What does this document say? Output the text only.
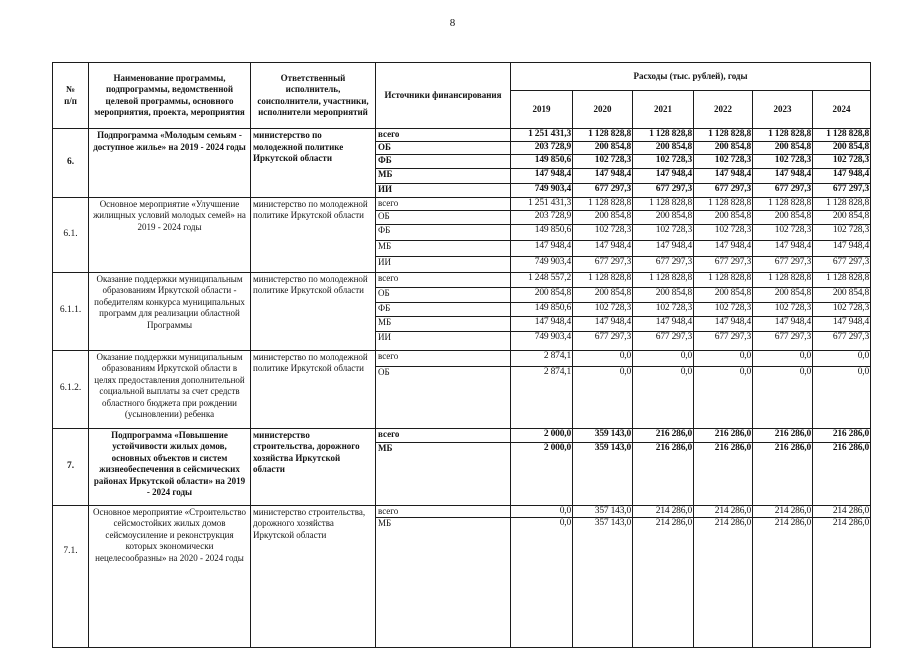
8
№ п/п	Наименование программы, подпрограммы, ведомственной целевой программы, основного мероприятия, проекта, мероприятия	Ответственный исполнитель, соисполнители, участники, исполнители мероприятий	Источники финансирования	Расходы (тыс. рублей), годы					
				2019	2020	2021	2022	2023	2024
6.	Подпрограмма «Молодым семьям - доступное жилье» на 2019 - 2024 годы	министерство по молодежной политике Иркутской области	всего	1 251 431,3	1 128 828,8	1 128 828,8	1 128 828,8	1 128 828,8	1 128 828,8
			ОБ	203 728,9	200 854,8	200 854,8	200 854,8	200 854,8	200 854,8
			ФБ	149 850,6	102 728,3	102 728,3	102 728,3	102 728,3	102 728,3
			МБ	147 948,4	147 948,4	147 948,4	147 948,4	147 948,4	147 948,4
			ИИ	749 903,4	677 297,3	677 297,3	677 297,3	677 297,3	677 297,3
6.1.	Основное мероприятие «Улучшение жилищных условий молодых семей» на 2019 - 2024 годы	министерство по молодежной политике Иркутской области	всего	1 251 431,3	1 128 828,8	1 128 828,8	1 128 828,8	1 128 828,8	1 128 828,8
			ОБ	203 728,9	200 854,8	200 854,8	200 854,8	200 854,8	200 854,8
			ФБ	149 850,6	102 728,3	102 728,3	102 728,3	102 728,3	102 728,3
			МБ	147 948,4	147 948,4	147 948,4	147 948,4	147 948,4	147 948,4
			ИИ	749 903,4	677 297,3	677 297,3	677 297,3	677 297,3	677 297,3
6.1.1.	Оказание поддержки муниципальным образованиям Иркутской области - победителям конкурса муниципальных программ для реализации областной Программы	министерство по молодежной политике Иркутской области	всего	1 248 557,2	1 128 828,8	1 128 828,8	1 128 828,8	1 128 828,8	1 128 828,8
			ОБ	200 854,8	200 854,8	200 854,8	200 854,8	200 854,8	200 854,8
			ФБ	149 850,6	102 728,3	102 728,3	102 728,3	102 728,3	102 728,3
			МБ	147 948,4	147 948,4	147 948,4	147 948,4	147 948,4	147 948,4
			ИИ	749 903,4	677 297,3	677 297,3	677 297,3	677 297,3	677 297,3
6.1.2.	Оказание поддержки муниципальным образованиям Иркутской области в целях предоставления дополнительной социальной выплаты за счет средств областного бюджета при рождении (усыновлении) ребенка	министерство по молодежной политике Иркутской области	всего	2 874,1	0,0	0,0	0,0	0,0	0,0
			ОБ	2 874,1	0,0	0,0	0,0	0,0	0,0
7.	Подпрограмма «Повышение устойчивости жилых домов, основных объектов и систем жизнеобеспечения в сейсмических районах Иркутской области» на 2019 - 2024 годы	министерство строительства, дорожного хозяйства Иркутской области	всего	2 000,0	359 143,0	216 286,0	216 286,0	216 286,0	216 286,0
			МБ	2 000,0	359 143,0	216 286,0	216 286,0	216 286,0	216 286,0
7.1.	Основное мероприятие «Строительство сейсмостойких жилых домов сейсмоусиление и реконструкция которых экономически нецелесообразны» на 2020 - 2024 годы	министерство строительства, дорожного хозяйства Иркутской области	всего	0,0	357 143,0	214 286,0	214 286,0	214 286,0	214 286,0
			МБ	0,0	357 143,0	214 286,0	214 286,0	214 286,0	214 286,0
